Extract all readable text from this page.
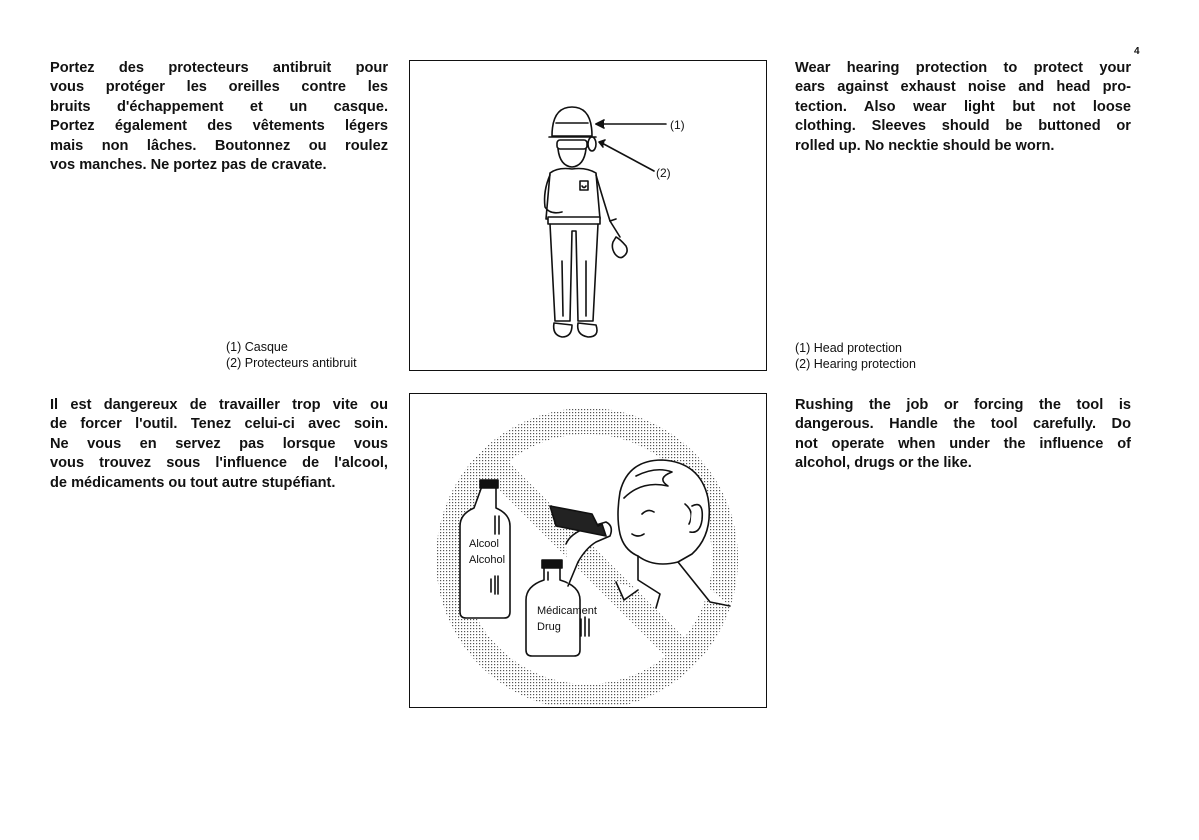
4
Portez des protecteurs antibruit pour
vous protéger les oreilles contre les
bruits d'échappement et un casque.
Portez également des vêtements légers
mais non lâches. Boutonnez ou roulez
vos manches. Ne portez pas de cravate.
(1) Casque
(2) Protecteurs antibruit
(1)
(2)
Wear hearing protection to protect your
ears against exhaust noise and head pro-
tection. Also wear light but not loose
clothing. Sleeves should be buttoned or
rolled up. No necktie should be worn.
(1) Head protection
(2) Hearing protection
Il est dangereux de travailler trop vite ou
de forcer l'outil. Tenez celui-ci avec soin.
Ne vous en servez pas lorsque vous
vous trouvez sous l'influence de l'alcool,
de médicaments ou tout autre stupéfiant.
Alcool
Alcohol
Médicament
Drug
Rushing the job or forcing the tool is
dangerous. Handle the tool carefully. Do
not operate when under the influence of
alcohol, drugs or the like.
